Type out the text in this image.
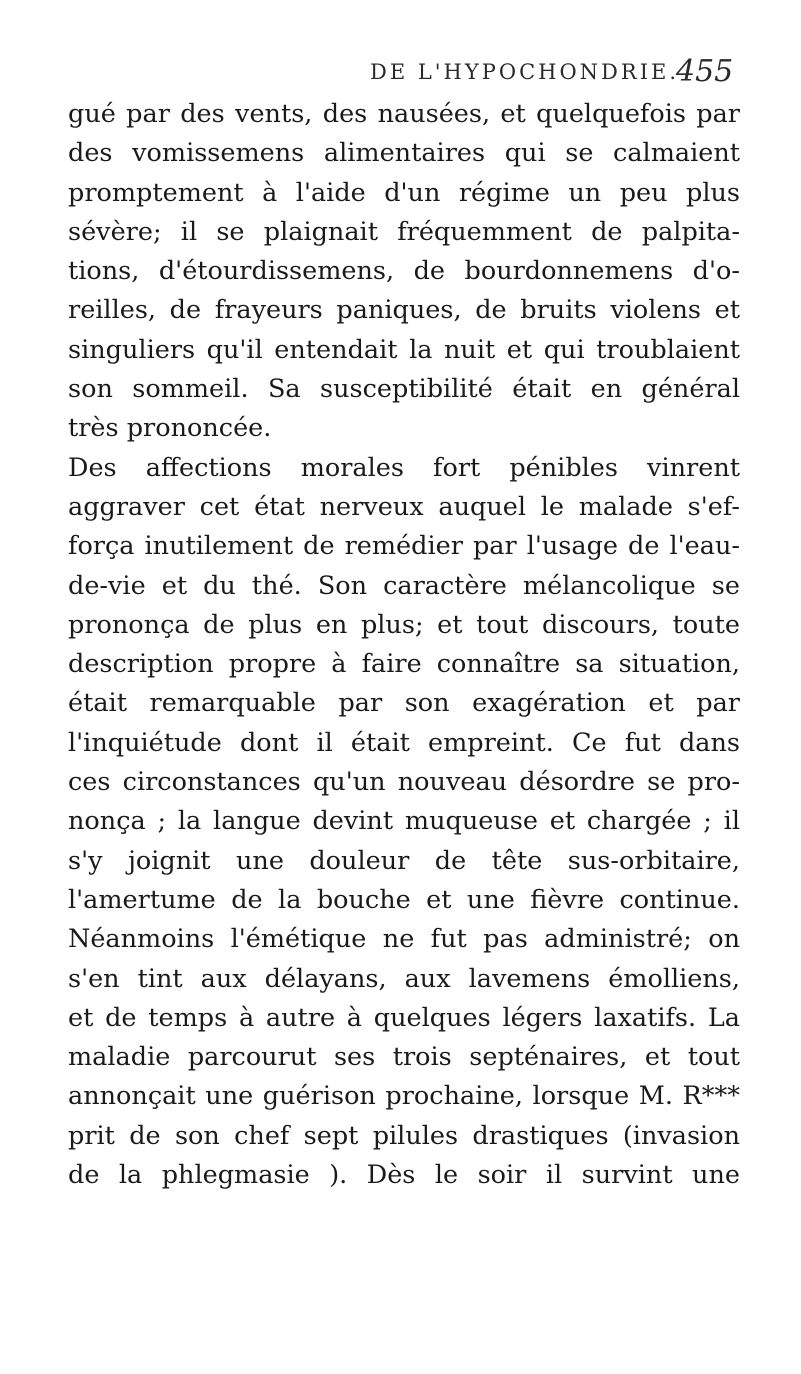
DE L'HYPOCHONDRIE.
455
gué par des vents, des nausées, et quelquefois par
des vomissemens alimentaires qui se calmaient
promptement à l'aide d'un régime un peu plus
sévère; il se plaignait fréquemment de palpita-
tions, d'étourdissemens, de bourdonnemens d'o-
reilles, de frayeurs paniques, de bruits violens et
singuliers qu'il entendait la nuit et qui troublaient
son sommeil. Sa susceptibilité était en général
très prononcée.
Des affections morales fort pénibles vinrent
aggraver cet état nerveux auquel le malade s'ef-
força inutilement de remédier par l'usage de l'eau-
de-vie et du thé. Son caractère mélancolique se
prononça de plus en plus; et tout discours, toute
description propre à faire connaître sa situation,
était remarquable par son exagération et par
l'inquiétude dont il était empreint. Ce fut dans
ces circonstances qu'un nouveau désordre se pro-
nonça ; la langue devint muqueuse et chargée ; il
s'y joignit une douleur de tête sus-orbitaire,
l'amertume de la bouche et une fièvre continue.
Néanmoins l'émétique ne fut pas administré; on
s'en tint aux délayans, aux lavemens émolliens,
et de temps à autre à quelques légers laxatifs. La
maladie parcourut ses trois septénaires, et tout
annonçait une guérison prochaine, lorsque M. R***
prit de son chef sept pilules drastiques (invasion
de la phlegmasie ). Dès le soir il survint une
